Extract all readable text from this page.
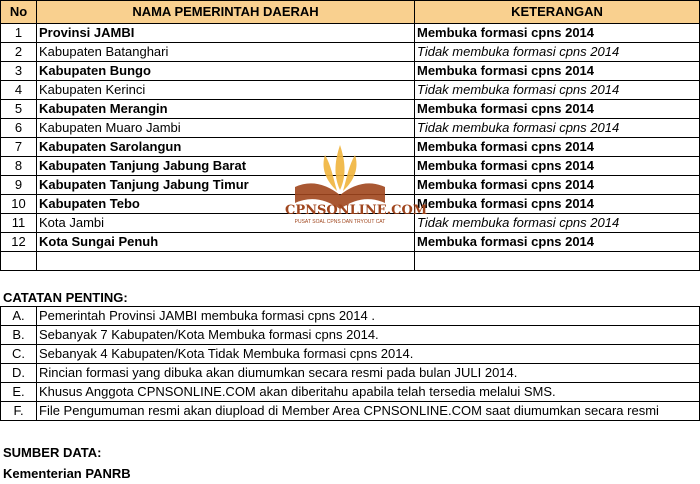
No	NAMA PEMERINTAH DAERAH	KETERANGAN
1	Provinsi JAMBI	Membuka formasi cpns 2014
2	Kabupaten Batanghari	Tidak membuka formasi cpns 2014
3	Kabupaten Bungo	Membuka formasi cpns 2014
4	Kabupaten Kerinci	Tidak membuka formasi cpns 2014
5	Kabupaten Merangin	Membuka formasi cpns 2014
6	Kabupaten Muaro Jambi	Tidak membuka formasi cpns 2014
7	Kabupaten Sarolangun	Membuka formasi cpns 2014
8	Kabupaten Tanjung Jabung Barat	Membuka formasi cpns 2014
9	Kabupaten Tanjung Jabung Timur	Membuka formasi cpns 2014
10	Kabupaten Tebo	Membuka formasi cpns 2014
11	Kota Jambi	Tidak membuka formasi cpns 2014
12	Kota Sungai Penuh	Membuka formasi cpns 2014

CPNSONLINE.COM
PUSAT SOAL CPNS DAN TRYOUT CAT
CATATAN PENTING:
A.	Pemerintah Provinsi JAMBI membuka formasi cpns 2014 .
B.	Sebanyak 7 Kabupaten/Kota Membuka formasi cpns 2014.
C.	Sebanyak 4 Kabupaten/Kota Tidak Membuka formasi cpns 2014.
D.	Rincian formasi yang dibuka akan diumumkan secara resmi pada bulan JULI 2014.
E.	Khusus Anggota CPNSONLINE.COM akan diberitahu apabila telah tersedia melalui SMS.
F.	File Pengumuman resmi akan diupload di Member Area CPNSONLINE.COM saat diumumkan secara resmi
SUMBER DATA:
Kementerian PANRB
